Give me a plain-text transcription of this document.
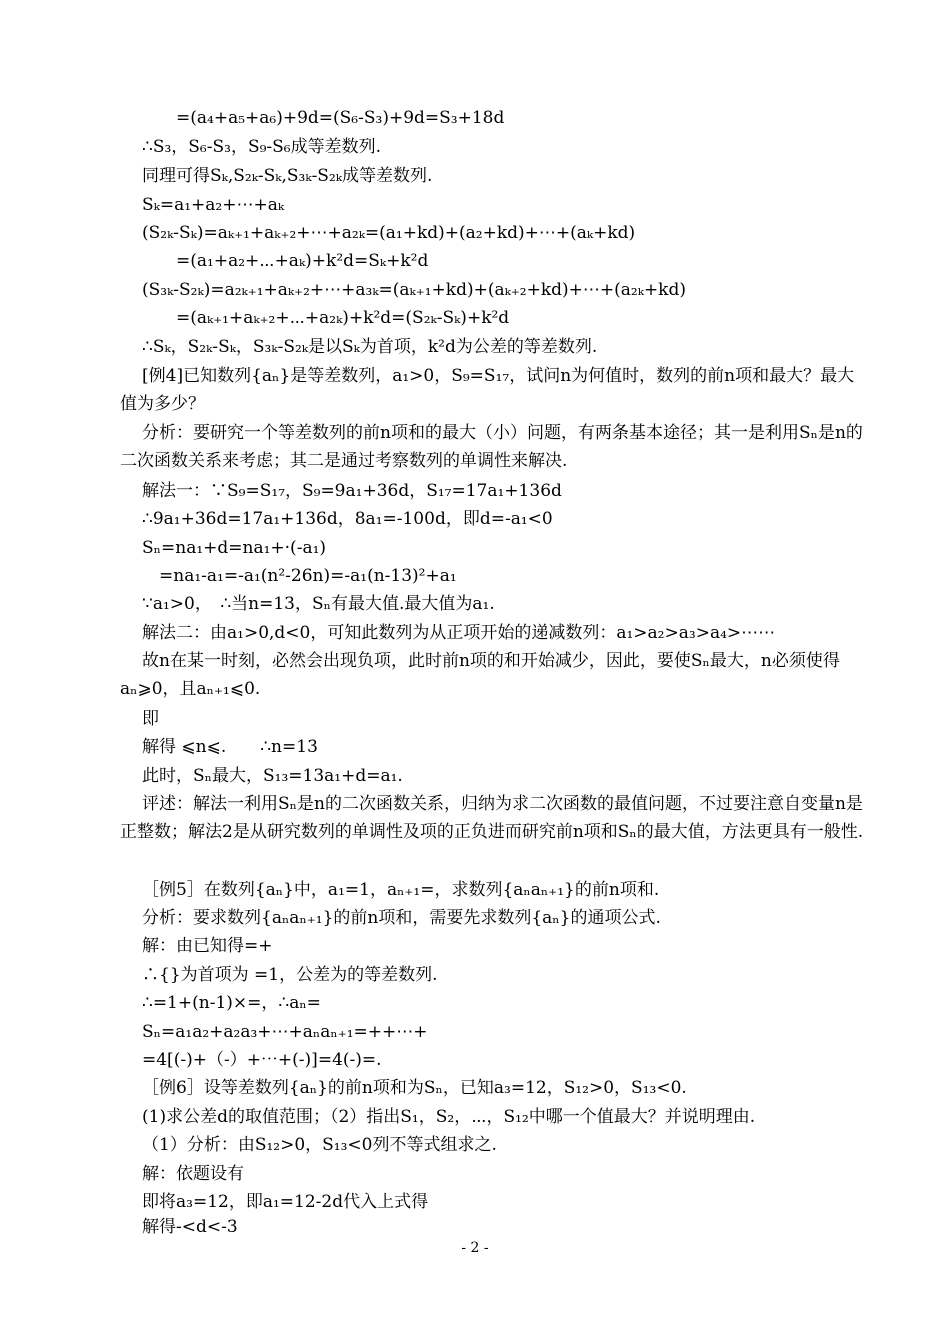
　　=(a₄+a₅+a₆)+9d=(S₆-S₃)+9d=S₃+18d
∴S₃，S₆-S₃，S₉-S₆成等差数列.
同理可得Sₖ,S₂ₖ-Sₖ,S₃ₖ-S₂ₖ成等差数列.
Sₖ=a₁+a₂+⋯+aₖ
(S₂ₖ-Sₖ)=aₖ₊₁+aₖ₊₂+⋯+a₂ₖ=(a₁+kd)+(a₂+kd)+⋯+(aₖ+kd)
　　=(a₁+a₂+⋯+aₖ)+k²d=Sₖ+k²d
(S₃ₖ-S₂ₖ)=a₂ₖ₊₁+aₖ₊₂+⋯+a₃ₖ=(aₖ₊₁+kd)+(aₖ₊₂+kd)+⋯+(a₂ₖ+kd)
　　=(aₖ₊₁+aₖ₊₂+⋯+a₂ₖ)+k²d=(S₂ₖ-Sₖ)+k²d
∴Sₖ，S₂ₖ-Sₖ，S₃ₖ-S₂ₖ是以Sₖ为首项，k²d为公差的等差数列.
[例4]已知数列{aₙ}是等差数列，a₁>0，S₉=S₁₇，试问n为何值时，数列的前n项和最大？最大值为多少？
分析：要研究一个等差数列的前n项和的最大（小）问题，有两条基本途径；其一是利用Sₙ是n的二次函数关系来考虑；其二是通过考察数列的单调性来解决.
解法一：∵S₉=S₁₇，S₉=9a₁+36d，S₁₇=17a₁+136d
∴9a₁+36d=17a₁+136d，8a₁=-100d，即d=-a₁<0
Sₙ=na₁+d=na₁+·(-a₁)
　=na₁-a₁=-a₁(n²-26n)=-a₁(n-13)²+a₁
∵a₁>0，　∴当n=13，Sₙ有最大值.最大值为a₁.
解法二：由a₁>0,d<0，可知此数列为从正项开始的递减数列：a₁>a₂>a₃>a₄>⋯⋯
故n在某一时刻，必然会出现负项，此时前n项的和开始减少，因此，要使Sₙ最大，n必须使得aₙ⩾0，且aₙ₊₁⩽0.
即
解得 ⩽n⩽.　　∴n=13
此时，Sₙ最大，S₁₃=13a₁+d=a₁.
评述：解法一利用Sₙ是n的二次函数关系，归纳为求二次函数的最值问题，不过要注意自变量n是正整数；解法2是从研究数列的单调性及项的正负进而研究前n项和Sₙ的最大值，方法更具有一般性.
［例5］在数列{aₙ}中，a₁=1，aₙ₊₁=，求数列{aₙaₙ₊₁}的前n项和.
分析：要求数列{aₙaₙ₊₁}的前n项和，需要先求数列{aₙ}的通项公式.
解：由已知得=+
∴{}为首项为 =1，公差为的等差数列.
∴=1+(n-1)×=，∴aₙ=
Sₙ=a₁a₂+a₂a₃+⋯+aₙaₙ₊₁=++⋯+
=4[(-)+（-）+⋯+(-)]=4(-)=.
［例6］设等差数列{aₙ}的前n项和为Sₙ，已知a₃=12，S₁₂>0，S₁₃<0.
(1)求公差d的取值范围；（2）指出S₁，S₂，⋯，S₁₂中哪一个值最大？并说明理由.
（1）分析：由S₁₂>0，S₁₃<0列不等式组求之.
解：依题设有
即将a₃=12，即a₁=12-2d代入上式得
解得-<d<-3
- 2 -
